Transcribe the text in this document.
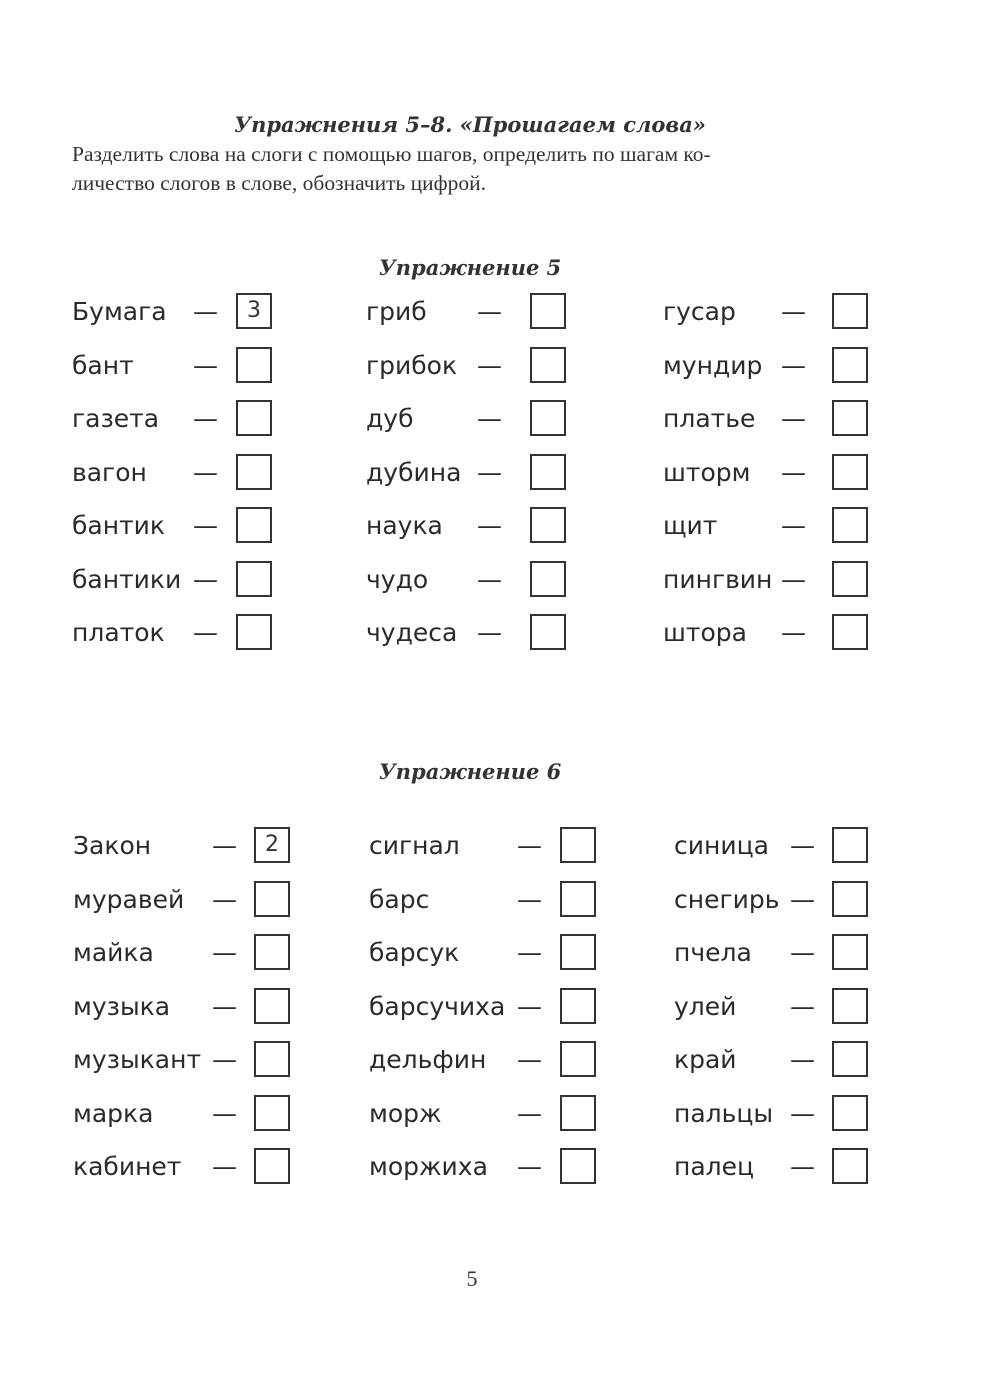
Упражнения 5–8. «Прошагаем слова»
Разделить слова на слоги с помощью шагов, определить по шагам ко-
личество слогов в слове, обозначить цифрой.
Упражнение 5
Бумага —	3
бант —
газета —
вагон —
бантик —
бантики —
платок —
гриб —
грибок —
дуб	—
дубина —
наука —
чудо —
чудеса —
гусар —
мундир —
платье —
шторм —
щит	—
пингвин —
штора —
Упражнение 6
Закон —	2
муравей —
майка —
музыка —
музыкант —
марка —
кабинет —
сигнал —
барс	—
барсук —
барсучиха —
дельфин —
морж	—
моржиха —
синица —
снегирь —
пчела —
улей —
край —
пальцы —
палец —
5
